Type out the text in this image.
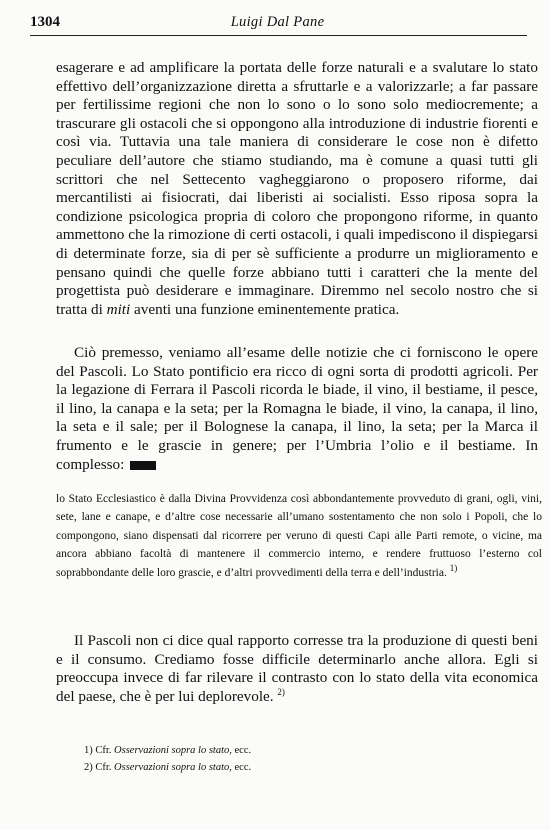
1304	Luigi Dal Pane

esagerare e ad amplificare la portata delle forze naturali e a svalutare lo stato effettivo dell’organizzazione diretta a sfruttarle e a valorizzarle; a far passare per fertilissime regioni che non lo sono o lo sono solo mediocremente; a trascurare gli ostacoli che si oppongono alla introduzione di industrie fiorenti e così via. Tuttavia una tale maniera di considerare le cose non è difetto peculiare dell’autore che stiamo studiando, ma è comune a quasi tutti gli scrittori che nel Settecento vagheggiarono o proposero riforme, dai mercantilisti ai fisiocrati, dai liberisti ai socialisti. Esso riposa sopra la condizione psicologica propria di coloro che propongono riforme, in quanto ammettono che la rimozione di certi ostacoli, i quali impediscono il dispiegarsi di determinate forze, sia di per sè sufficiente a produrre un miglioramento e pensano quindi che quelle forze abbiano tutti i caratteri che la mente del progettista può desiderare e immaginare. Diremmo nel secolo nostro che si tratta di miti aventi una funzione eminentemente pratica.

Ciò premesso, veniamo all’esame delle notizie che ci forniscono le opere del Pascoli. Lo Stato pontificio era ricco di ogni sorta di prodotti agricoli. Per la legazione di Ferrara il Pascoli ricorda le biade, il vino, il bestiame, il pesce, il lino, la canapa e la seta; per la Romagna le biade, il vino, la canapa, il lino, la seta e il sale; per il Bolognese la canapa, il lino, la seta; per la Marca il frumento e le grascie in genere; per l’Umbria l’olio e il bestiame. In complesso:

lo Stato Ecclesiastico è dalla Divina Provvidenza così abbondantemente provveduto di grani, ogli, vini, sete, lane e canape, e d’altre cose necessarie all’umano sostentamento che non solo i Popoli, che lo compongono, siano dispensati dal ricorrere per veruno di questi Capi alle Parti remote, o vicine, ma ancora abbiano facoltà di mantenere il commercio interno, e rendere fruttuoso l’esterno col soprabbondante delle loro grascie, e d’altri provvedimenti della terra e dell’industria. $^{1)}$

Il Pascoli non ci dice qual rapporto corresse tra la produzione di questi beni e il consumo. Crediamo fosse difficile determinarlo anche allora. Egli si preoccupa invece di far rilevare il contrasto con lo stato della vita economica del paese, che è per lui deplorevole. $^{2)}$

1) Cfr. Osservazioni sopra lo stato, ecc.
2) Cfr. Osservazioni sopra lo stato, ecc.
